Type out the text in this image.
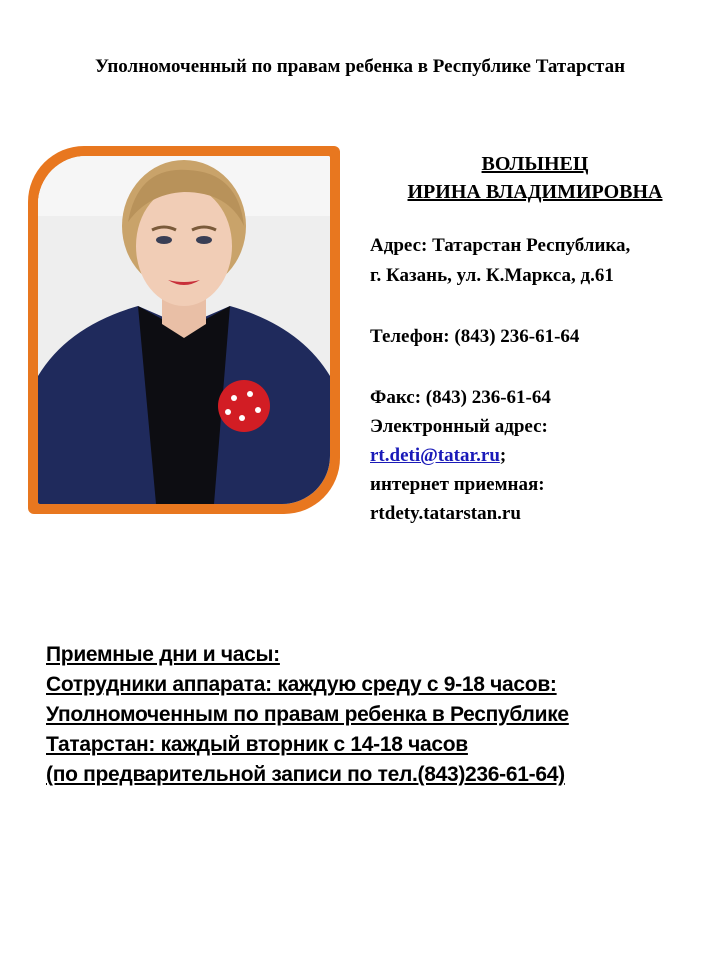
Уполномоченный по правам ребенка в Республике Татарстан
ВОЛЫНЕЦ
ИРИНА ВЛАДИМИРОВНА
Адрес: Татарстан Республика,
г. Казань, ул. К.Маркса, д.61
Телефон: (843) 236-61-64
Факс: (843) 236-61-64
Электронный адрес:
rt.deti@tatar.ru;
интернет приемная:
rtdety.tatarstan.ru
Приемные дни и часы:
Сотрудники аппарата: каждую среду с 9-18 часов:
Уполномоченным по правам ребенка в Республике
Татарстан: каждый вторник с 14-18 часов
(по предварительной записи по тел.(843)236-61-64)
